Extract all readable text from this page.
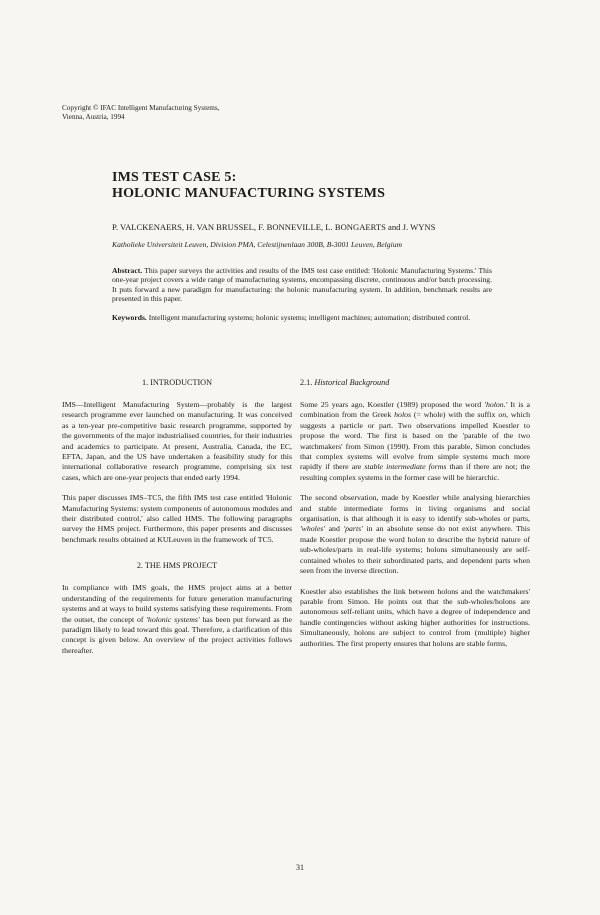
Copyright © IFAC Intelligent Manufacturing Systems,
Vienna, Austria, 1994
IMS TEST CASE 5:
HOLONIC MANUFACTURING SYSTEMS
P. VALCKENAERS, H. VAN BRUSSEL, F. BONNEVILLE, L. BONGAERTS and J. WYNS
Katholieke Universiteit Leuven, Division PMA, Celestijnenlaan 300B, B-3001 Leuven, Belgium
Abstract. This paper surveys the activities and results of the IMS test case entitled: 'Holonic Manufacturing Systems.' This one-year project covers a wide range of manufacturing systems, encompassing discrete, continuous and/or batch processing. It puts forward a new paradigm for manufacturing: the holonic manufacturing system. In addition, benchmark results are presented in this paper.
Keywords. Intelligent manufacturing systems; holonic systems; intelligent machines; automation; distributed control.
1. INTRODUCTION

IMS—Intelligent Manufacturing System—probably is the largest research programme ever launched on manufacturing. It was conceived as a ten-year pre-competitive basic research programme, supported by the governments of the major industrialised countries, for their industries and academics to participate. At present, Australia, Canada, the EC, EFTA, Japan, and the US have undertaken a feasibility study for this international collaborative research programme, comprising six test cases, which are one-year projects that ended early 1994.

This paper discusses IMS–TC5, the fifth IMS test case entitled 'Holonic Manufacturing Systems: system components of autonomous modules and their distributed control,' also called HMS. The following paragraphs survey the HMS project. Furthermore, this paper presents and discusses benchmark results obtained at KULeuven in the framework of TC5.

2. THE HMS PROJECT

In compliance with IMS goals, the HMS project aims at a better understanding of the requirements for future generation manufacturing systems and at ways to build systems satisfying these requirements. From the outset, the concept of 'holonic systems' has been put forward as the paradigm likely to lead toward this goal. Therefore, a clarification of this concept is given below. An overview of the project activities follows thereafter.

2.1. Historical Background

Some 25 years ago, Koestler (1989) proposed the word 'holon.' It is a combination from the Greek holos (= whole) with the suffix on, which suggests a particle or part. Two observations impelled Koestler to propose the word. The first is based on the 'parable of the two watchmakers' from Simon (1990). From this parable, Simon concludes that complex systems will evolve from simple systems much more rapidly if there are stable intermediate forms than if there are not; the resulting complex systems in the former case will be hierarchic.

The second observation, made by Koestler while analysing hierarchies and stable intermediate forms in living organisms and social organisation, is that although it is easy to identify sub-wholes or parts, 'wholes' and 'parts' in an absolute sense do not exist anywhere. This made Koestler propose the word holon to describe the hybrid nature of sub-wholes/parts in real-life systems; holons simultaneously are self-contained wholes to their subordinated parts, and dependent parts when seen from the inverse direction.

Koestler also establishes the link between holons and the watchmakers' parable from Simon. He points out that the sub-wholes/holons are autonomous self-reliant units, which have a degree of independence and handle contingencies without asking higher authorities for instructions. Simultaneously, holons are subject to control from (multiple) higher authorities. The first property ensures that holons are stable forms,

31
